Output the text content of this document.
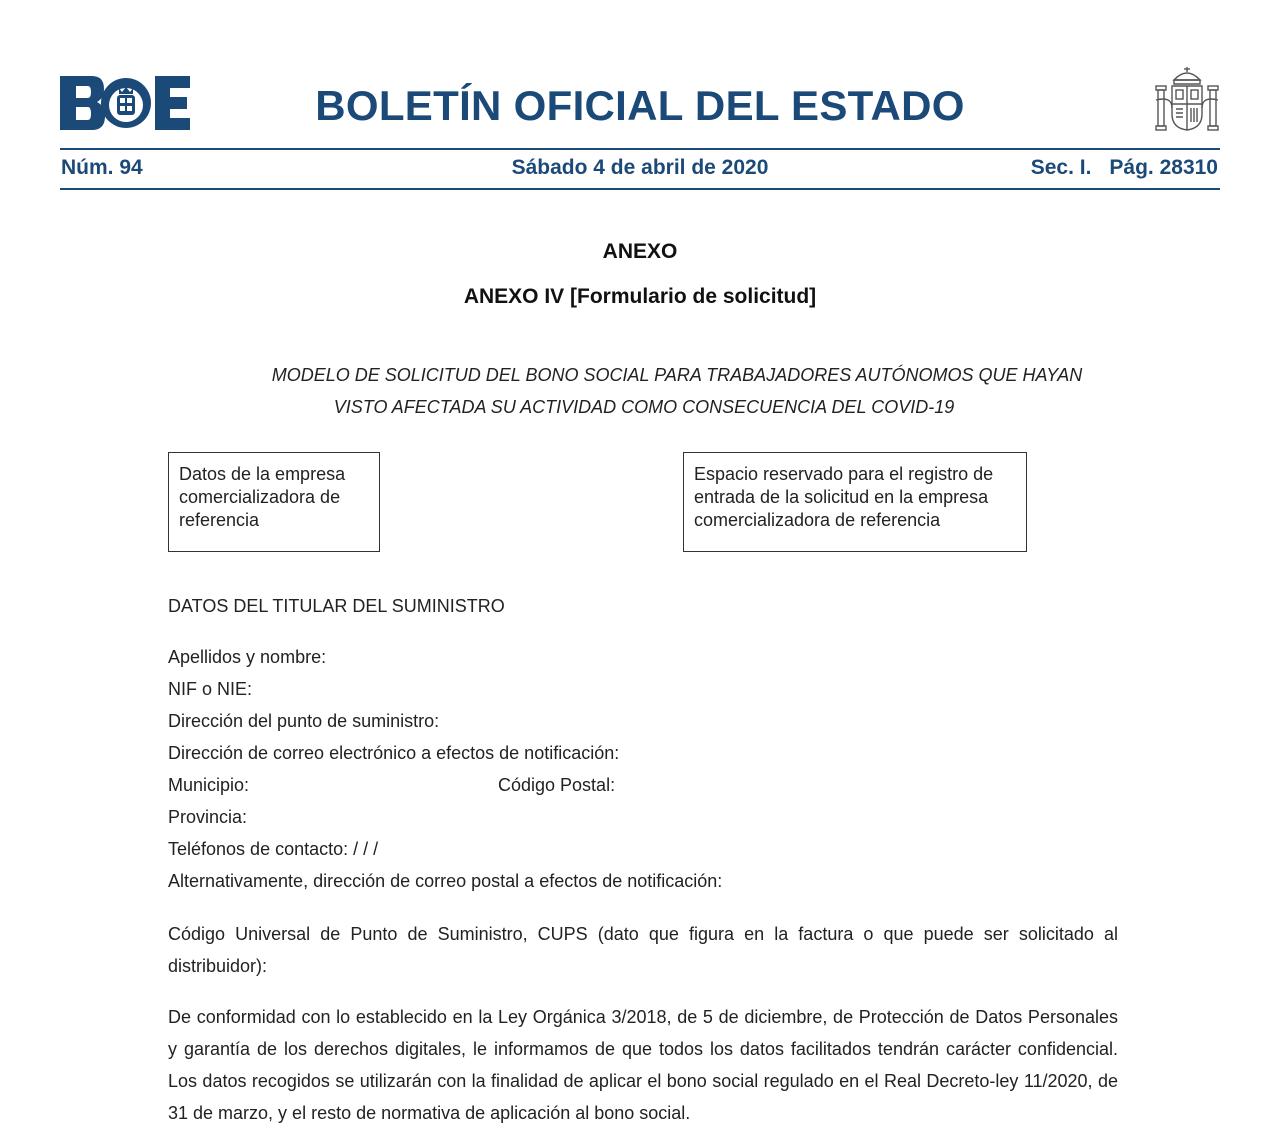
BOLETÍN OFICIAL DEL ESTADO
Núm. 94	Sábado 4 de abril de 2020	Sec. I. Pág. 28310
ANEXO
ANEXO IV [Formulario de solicitud]
MODELO DE SOLICITUD DEL BONO SOCIAL PARA TRABAJADORES AUTÓNOMOS QUE HAYAN
VISTO AFECTADA SU ACTIVIDAD COMO CONSECUENCIA DEL COVID-19
Datos de la empresa comercializadora de referencia
Espacio reservado para el registro de entrada de la solicitud en la empresa comercializadora de referencia
DATOS DEL TITULAR DEL SUMINISTRO
Apellidos y nombre:
NIF o NIE:
Dirección del punto de suministro:
Dirección de correo electrónico a efectos de notificación:
Municipio:	Código Postal:
Provincia:
Teléfonos de contacto: / / /
Alternativamente, dirección de correo postal a efectos de notificación:
Código Universal de Punto de Suministro, CUPS (dato que figura en la factura o que puede ser solicitado al distribuidor):
De conformidad con lo establecido en la Ley Orgánica 3/2018, de 5 de diciembre, de Protección de Datos Personales y garantía de los derechos digitales, le informamos de que todos los datos facilitados tendrán carácter confidencial. Los datos recogidos se utilizarán con la finalidad de aplicar el bono social regulado en el Real Decreto-ley 11/2020, de 31 de marzo, y el resto de normativa de aplicación al bono social.
